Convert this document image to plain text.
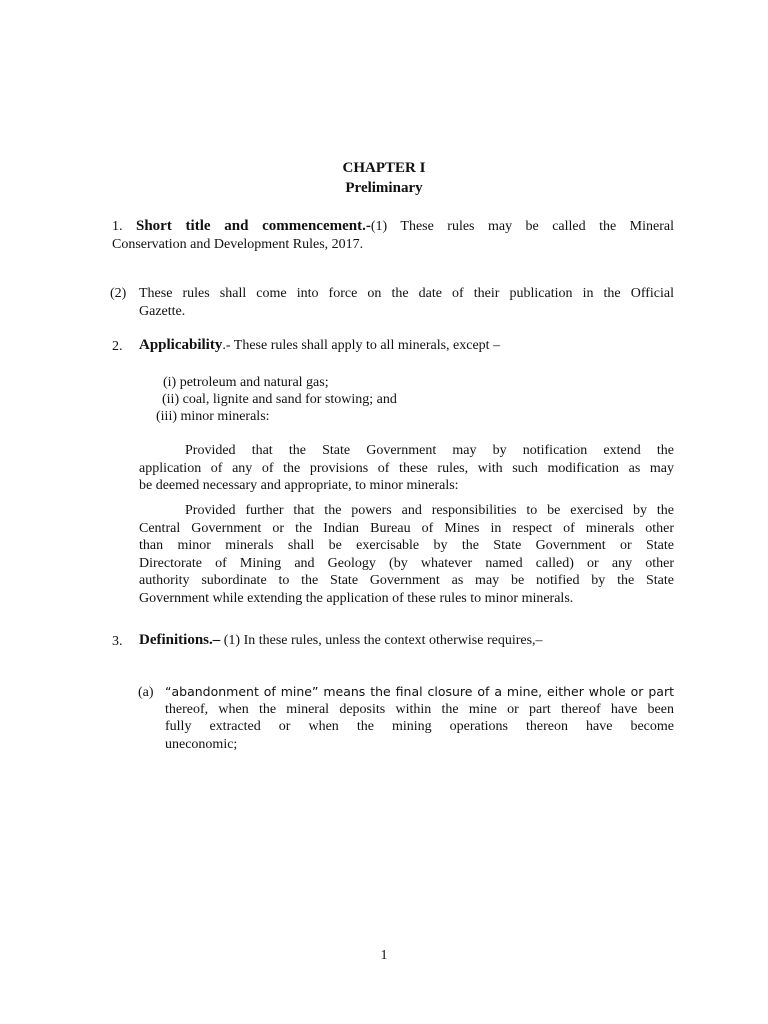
CHAPTER I
Preliminary
1. Short title and commencement.-(1) These rules may be called the Mineral
Conservation and Development Rules, 2017.
(2) These rules shall come into force on the date of their publication in the Official
Gazette.
2. Applicability.- These rules shall apply to all minerals, except –
(i) petroleum and natural gas;
(ii) coal, lignite and sand for stowing; and
(iii) minor minerals:
Provided that the State Government may by notification extend the
application of any of the provisions of these rules, with such modification as may
be deemed necessary and appropriate, to minor minerals:
Provided further that the powers and responsibilities to be exercised by the
Central Government or the Indian Bureau of Mines in respect of minerals other
than minor minerals shall be exercisable by the State Government or State
Directorate of Mining and Geology (by whatever named called) or any other
authority subordinate to the State Government as may be notified by the State
Government while extending the application of these rules to minor minerals.
3. Definitions.– (1) In these rules, unless the context otherwise requires,–
(a) “abandonment of mine” means the final closure of a mine, either whole or part
thereof, when the mineral deposits within the mine or part thereof have been
fully extracted or when the mining operations thereon have become
uneconomic;
1
